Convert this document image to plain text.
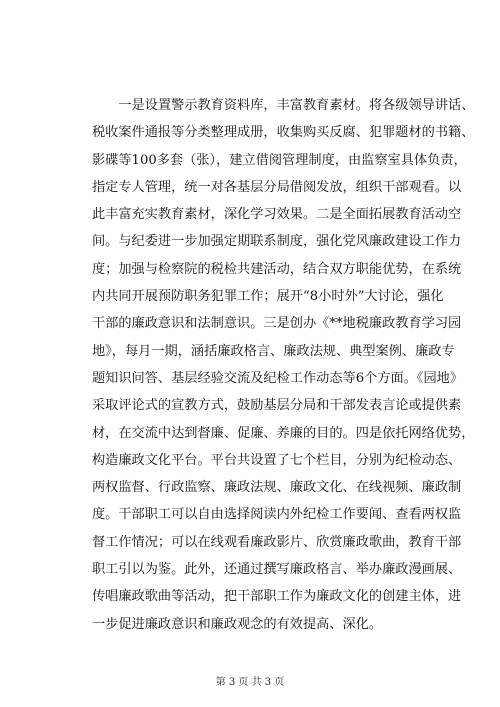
　　一是设置警示教育资料库，丰富教育素材。将各级领导讲话、
税收案件通报等分类整理成册，收集购买反腐、犯罪题材的书籍、
影碟等100多套（张），建立借阅管理制度，由监察室具体负责，
指定专人管理，统一对各基层分局借阅发放，组织干部观看。以
此丰富充实教育素材，深化学习效果。二是全面拓展教育活动空
间。与纪委进一步加强定期联系制度，强化党风廉政建设工作力
度；加强与检察院的税检共建活动，结合双方职能优势，在系统
内共同开展预防职务犯罪工作；展开“8小时外”大讨论，强化
干部的廉政意识和法制意识。三是创办《**地税廉政教育学习园
地》，每月一期，涵括廉政格言、廉政法规、典型案例、廉政专
题知识问答、基层经验交流及纪检工作动态等6个方面。《园地》
采取评论式的宣教方式，鼓励基层分局和干部发表言论或提供素
材，在交流中达到督廉、促廉、养廉的目的。四是依托网络优势，
构造廉政文化平台。平台共设置了七个栏目，分别为纪检动态、
两权监督、行政监察、廉政法规、廉政文化、在线视频、廉政制
度。干部职工可以自由选择阅读内外纪检工作要闻、查看两权监
督工作情况；可以在线观看廉政影片、欣赏廉政歌曲，教育干部
职工引以为鉴。此外，还通过撰写廉政格言、举办廉政漫画展、
传唱廉政歌曲等活动，把干部职工作为廉政文化的创建主体，进
一步促进廉政意识和廉政观念的有效提高、深化。
第 3 页 共 3 页
